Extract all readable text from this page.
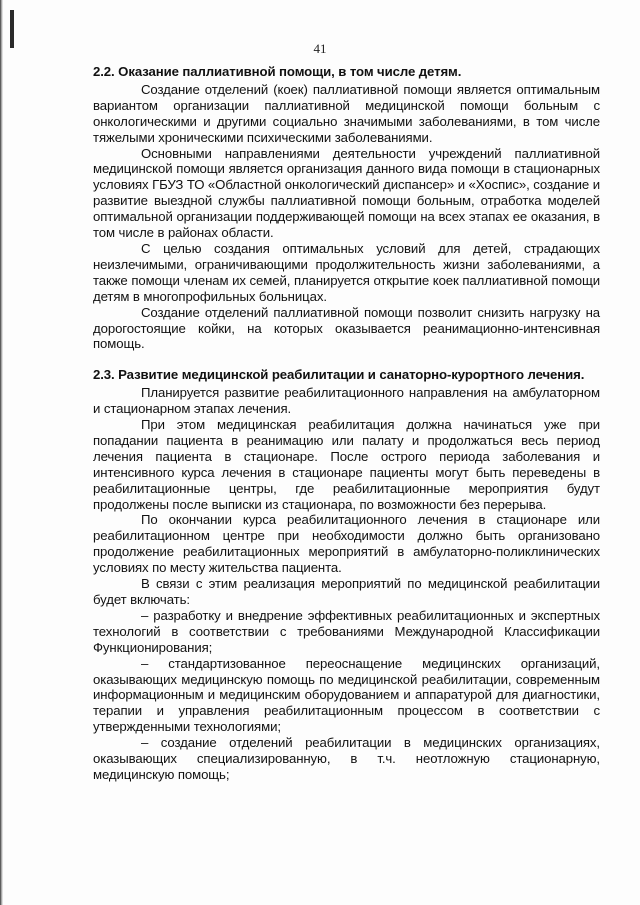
41

2.2. Оказание паллиативной помощи, в том числе детям.

Создание отделений (коек) паллиативной помощи является оптимальным вариантом организации паллиативной медицинской помощи больным с онкологическими и другими социально значимыми заболеваниями, в том числе тяжелыми хроническими психическими заболеваниями.

Основными направлениями деятельности учреждений паллиативной медицинской помощи является организация данного вида помощи в стационарных условиях ГБУЗ ТО «Областной онкологический диспансер» и «Хоспис», создание и развитие выездной службы паллиативной помощи больным, отработка моделей оптимальной организации поддерживающей помощи на всех этапах ее оказания, в том числе в районах области.

С целью создания оптимальных условий для детей, страдающих неизлечимыми, ограничивающими продолжительность жизни заболеваниями, а также помощи членам их семей, планируется открытие коек паллиативной помощи детям в многопрофильных больницах.

Создание отделений паллиативной помощи позволит снизить нагрузку на дорогостоящие койки, на которых оказывается реанимационно-интенсивная помощь.

2.3. Развитие медицинской реабилитации и санаторно-курортного лечения.

Планируется развитие реабилитационного направления на амбулаторном и стационарном этапах лечения.

При этом медицинская реабилитация должна начинаться уже при попадании пациента в реанимацию или палату и продолжаться весь период лечения пациента в стационаре. После острого периода заболевания и интенсивного курса лечения в стационаре пациенты могут быть переведены в реабилитационные центры, где реабилитационные мероприятия будут продолжены после выписки из стационара, по возможности без перерыва.

По окончании курса реабилитационного лечения в стационаре или реабилитационном центре при необходимости должно быть организовано продолжение реабилитационных мероприятий в амбулаторно-поликлинических условиях по месту жительства пациента.

В связи с этим реализация мероприятий по медицинской реабилитации будет включать:

– разработку и внедрение эффективных реабилитационных и экспертных технологий в соответствии с требованиями Международной Классификации Функционирования;

– стандартизованное переоснащение медицинских организаций, оказывающих медицинскую помощь по медицинской реабилитации, современным информационным и медицинским оборудованием и аппаратурой для диагностики, терапии и управления реабилитационным процессом в соответствии с утвержденными технологиями;

– создание отделений реабилитации в медицинских организациях, оказывающих специализированную, в т.ч. неотложную стационарную, медицинскую помощь;
